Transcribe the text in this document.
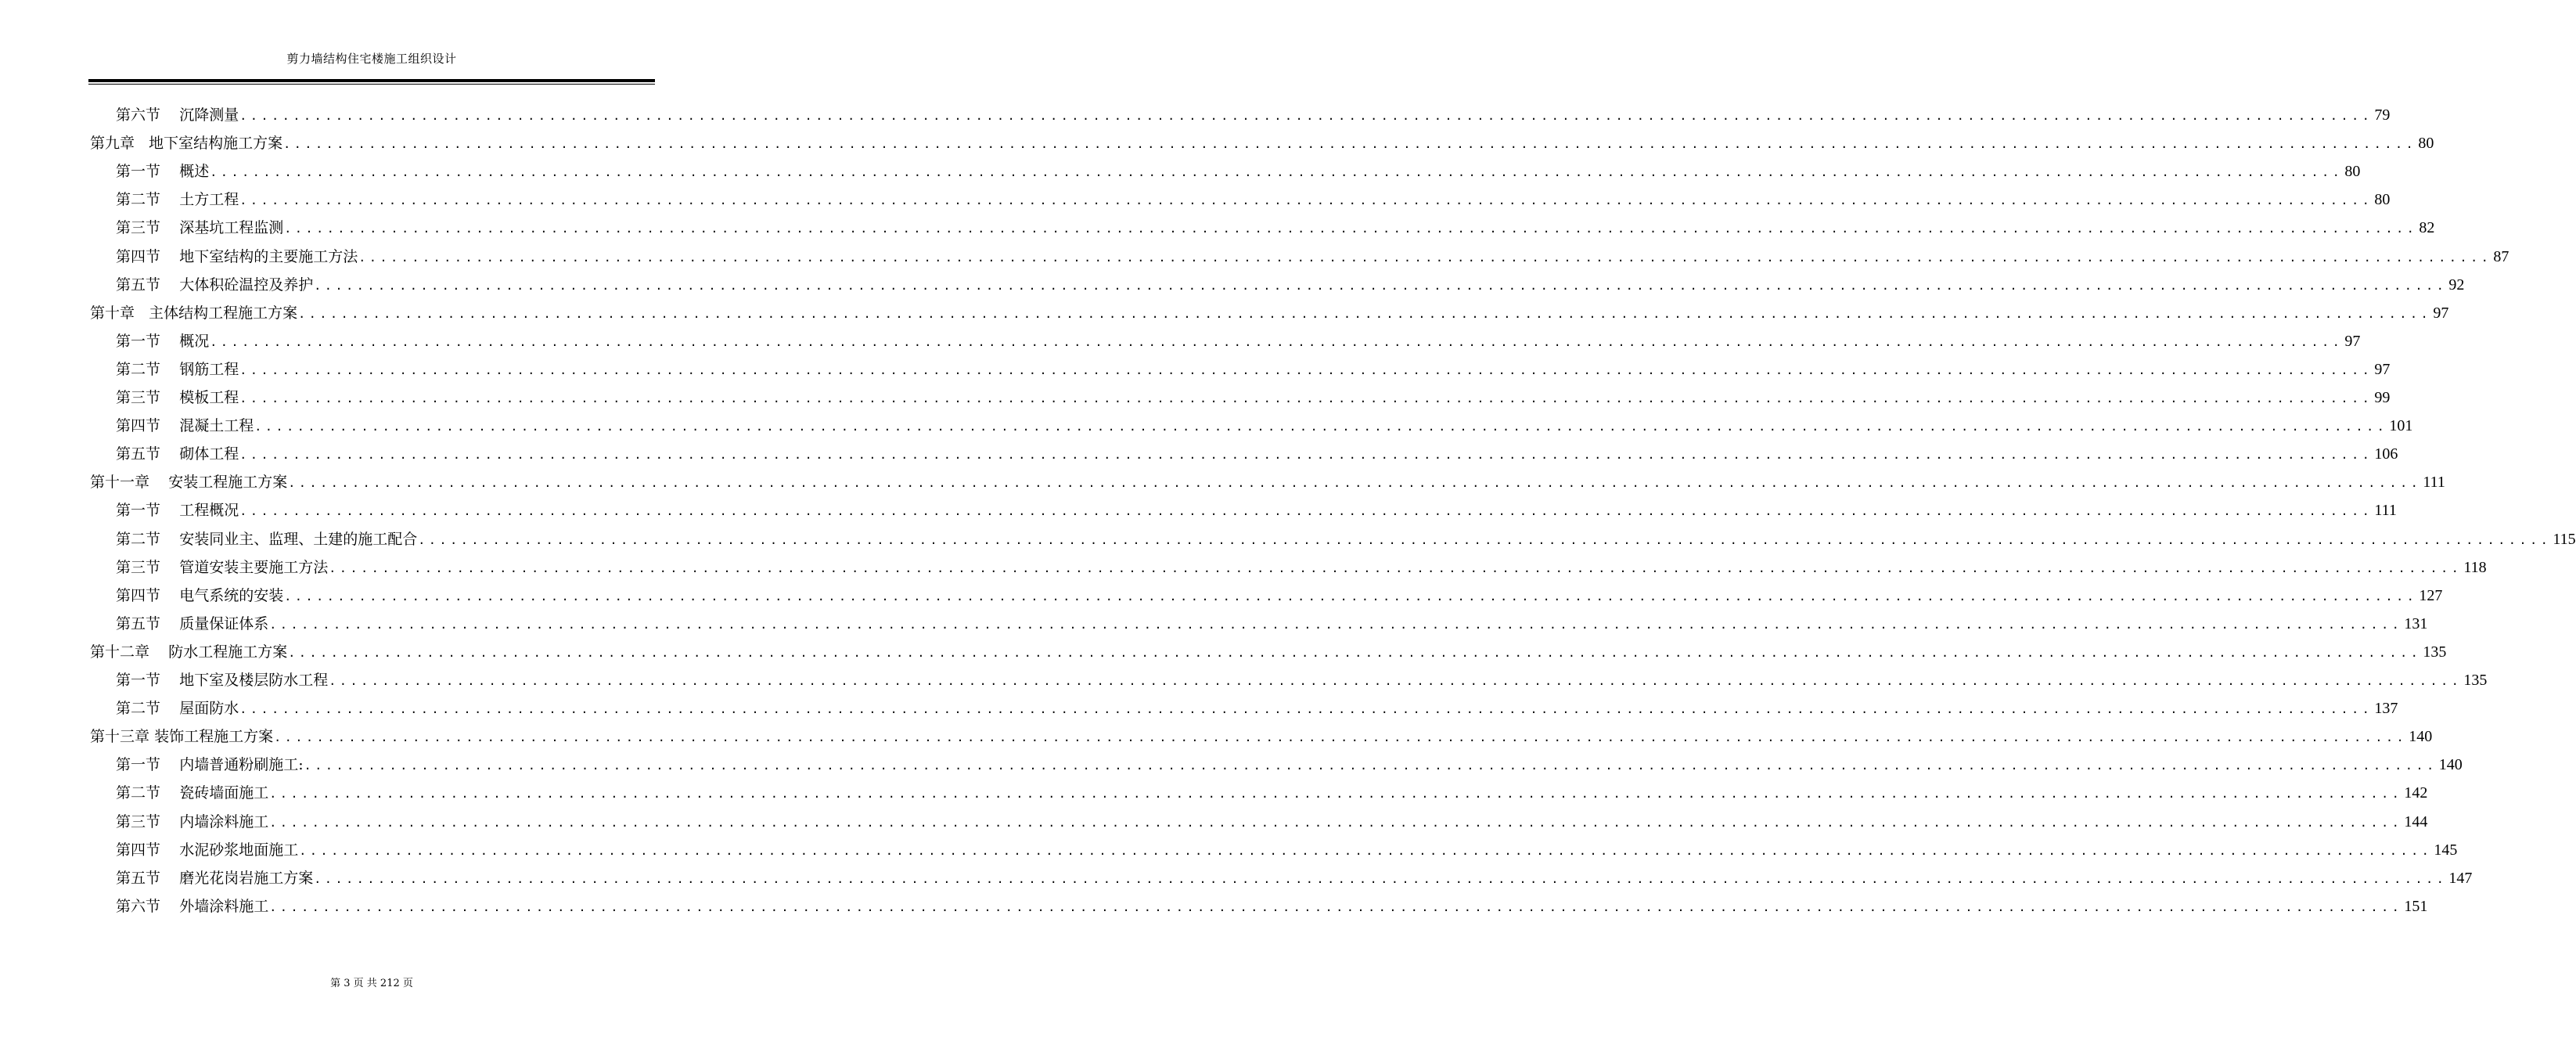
剪力墙结构住宅楼施工组织设计
第六节
沉降测量 ........................................................................................................................................................................................................ 79
第九章
地下室结构施工方案 ........................................................................................................................................................................................................ 80
第一节
概述 ........................................................................................................................................................................................................ 80
第二节
土方工程 ........................................................................................................................................................................................................ 80
第三节
深基坑工程监测 ........................................................................................................................................................................................................ 82
第四节
地下室结构的主要施工方法 ........................................................................................................................................................................................................ 87
第五节
大体积砼温控及养护 ........................................................................................................................................................................................................ 92
第十章
主体结构工程施工方案 ........................................................................................................................................................................................................ 97
第一节
概况 ........................................................................................................................................................................................................ 97
第二节
钢筋工程 ........................................................................................................................................................................................................ 97
第三节
模板工程 ........................................................................................................................................................................................................ 99
第四节
混凝土工程 ........................................................................................................................................................................................................ 101
第五节
砌体工程 ........................................................................................................................................................................................................ 106
第十一章
安装工程施工方案 ........................................................................................................................................................................................................ 111
第一节
工程概况 ........................................................................................................................................................................................................ 111
第二节
安装同业主、监理、土建的施工配合 ........................................................................................................................................................................................................ 115
第三节
管道安装主要施工方法 ........................................................................................................................................................................................................ 118
第四节
电气系统的安装 ........................................................................................................................................................................................................ 127
第五节
质量保证体系 ........................................................................................................................................................................................................ 131
第十二章
防水工程施工方案 ........................................................................................................................................................................................................ 135
第一节
地下室及楼层防水工程 ........................................................................................................................................................................................................ 135
第二节
屋面防水 ........................................................................................................................................................................................................ 137
第十三章
装饰工程施工方案 ........................................................................................................................................................................................................ 140
第一节
内墙普通粉刷施工: ........................................................................................................................................................................................................ 140
第二节
瓷砖墙面施工 ........................................................................................................................................................................................................ 142
第三节
内墙涂料施工 ........................................................................................................................................................................................................ 144
第四节
水泥砂浆地面施工 ........................................................................................................................................................................................................ 145
第五节
磨光花岗岩施工方案 ........................................................................................................................................................................................................ 147
第六节
外墙涂料施工 ........................................................................................................................................................................................................ 151
第 3 页 共 212 页
